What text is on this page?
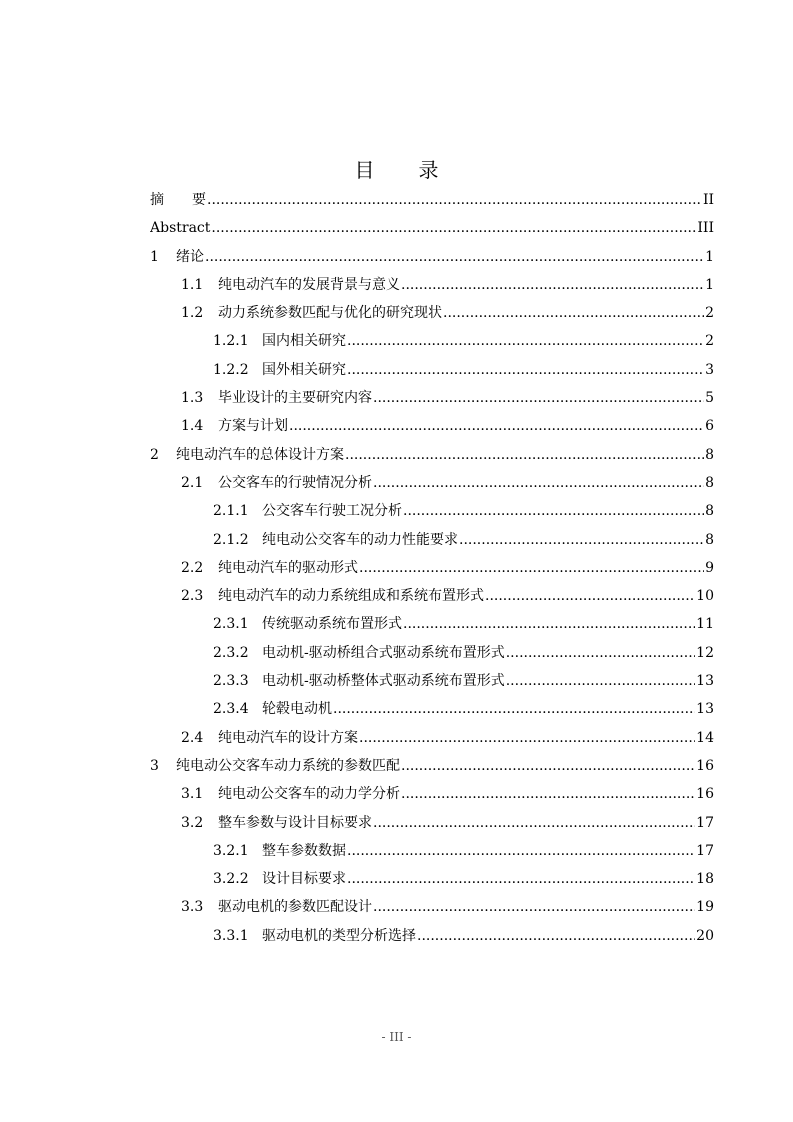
目 录
摘　　要 .....	II
Abstract .....	III
1	绪论 .....	1
1.1	纯电动汽车的发展背景与意义 .....	1
1.2	动力系统参数匹配与优化的研究现状 .....	2
1.2.1 国内相关研究 .....	2
1.2.2 国外相关研究 .....	3
1.3	毕业设计的主要研究内容 .....	5
1.4	方案与计划 .....	6
2	纯电动汽车的总体设计方案 .....	8
2.1	公交客车的行驶情况分析 .....	8
2.1.1 公交客车行驶工况分析 .....	8
2.1.2 纯电动公交客车的动力性能要求 .....	8
2.2	纯电动汽车的驱动形式 .....	9
2.3	纯电动汽车的动力系统组成和系统布置形式 .....	10
2.3.1 传统驱动系统布置形式 .....	11
2.3.2 电动机-驱动桥组合式驱动系统布置形式 .....	12
2.3.3 电动机-驱动桥整体式驱动系统布置形式 .....	13
2.3.4 轮毂电动机 .....	13
2.4	纯电动汽车的设计方案 .....	14
3	纯电动公交客车动力系统的参数匹配 .....	16
3.1	纯电动公交客车的动力学分析 .....	16
3.2	整车参数与设计目标要求 .....	17
3.2.1 整车参数数据 .....	17
3.2.2 设计目标要求 .....	18
3.3	驱动电机的参数匹配设计 .....	19
3.3.1 驱动电机的类型分析选择 .....	20
- III -
